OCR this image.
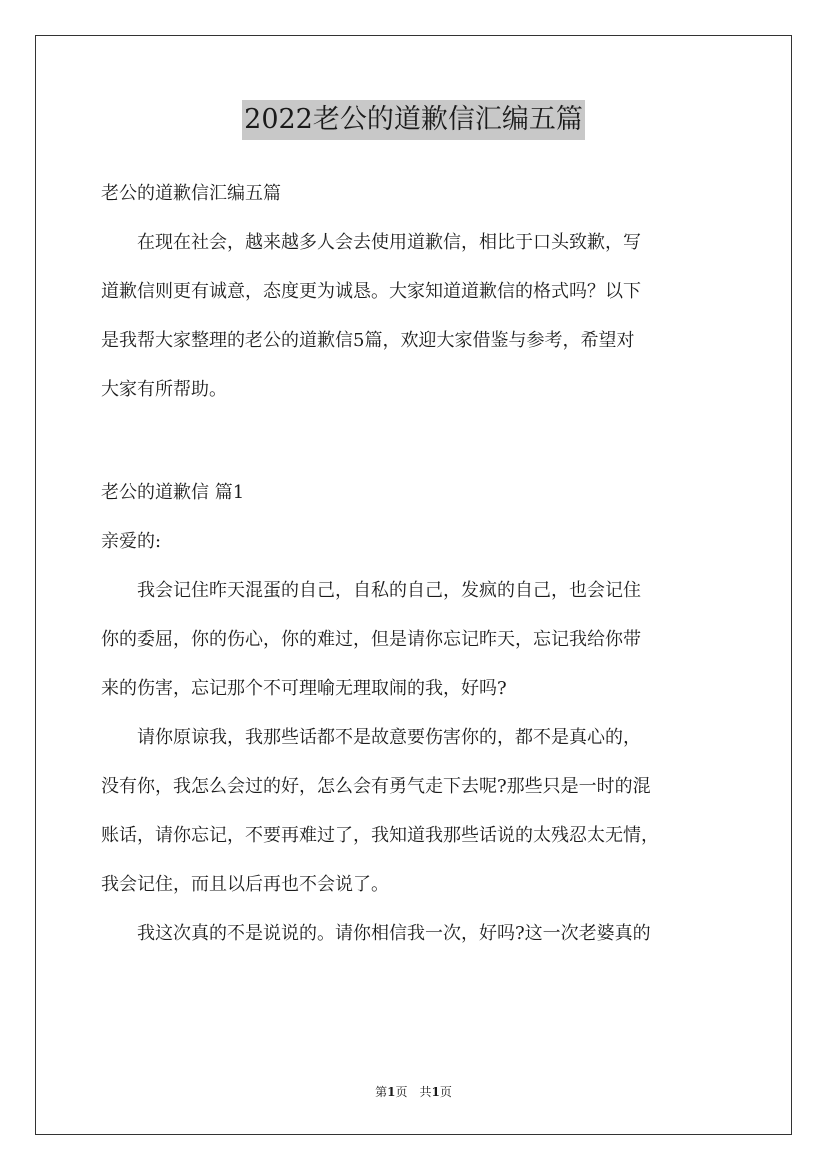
2022老公的道歉信汇编五篇
老公的道歉信汇编五篇
　　在现在社会，越来越多人会去使用道歉信，相比于口头致歉，写
道歉信则更有诚意，态度更为诚恳。大家知道道歉信的格式吗？以下
是我帮大家整理的老公的道歉信5篇，欢迎大家借鉴与参考，希望对
大家有所帮助。
老公的道歉信 篇1
亲爱的:
　　我会记住昨天混蛋的自己，自私的自己，发疯的自己，也会记住
你的委屈，你的伤心，你的难过，但是请你忘记昨天，忘记我给你带
来的伤害，忘记那个不可理喻无理取闹的我，好吗?
　　请你原谅我，我那些话都不是故意要伤害你的，都不是真心的，
没有你，我怎么会过的好，怎么会有勇气走下去呢?那些只是一时的混
账话，请你忘记，不要再难过了，我知道我那些话说的太残忍太无情，
我会记住，而且以后再也不会说了。
　　我这次真的不是说说的。请你相信我一次，好吗?这一次老婆真的
第1页　共1页
